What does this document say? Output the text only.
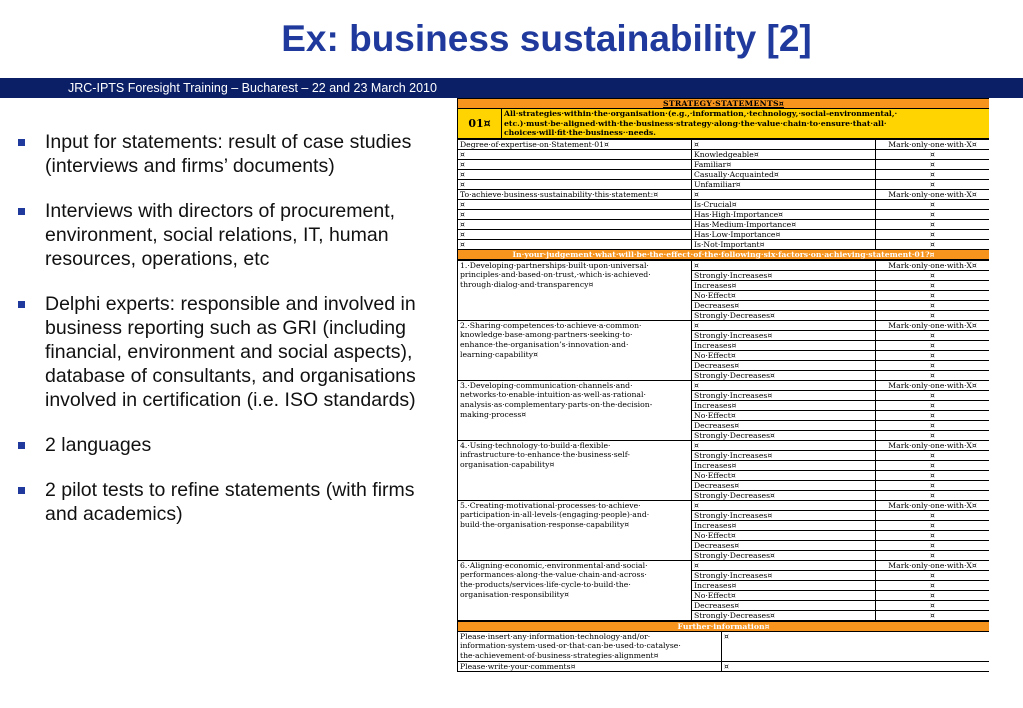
Ex: business sustainability [2]
JRC-IPTS Foresight Training – Bucharest – 22 and 23 March 2010
Input for statements: result of case studies (interviews and firms’ documents)
Interviews with directors of procurement, environment, social relations, IT, human resources, operations, etc
Delphi experts: responsible and involved in business reporting such as GRI (including financial, environment and social aspects), database of consultants, and organisations involved in certification (i.e. ISO standards)
2 languages
2 pilot tests to refine statements (with firms and academics)
STRATEGY·STATEMENTS¤
01¤	All·strategies·within·the·organisation·(e.g.,·information,·technology,·social-environmental,· etc.)·must·be·aligned·with·the·business·strategy·along·the·value·chain·to·ensure·that·all· choices·will·fit·the·business··needs.
Degree·of·expertise·on·Statement·01¤	¤	Mark·only·one·with·X¤
¤	Knowledgeable¤	¤
¤	Familiar¤	¤
¤	Casually·Acquainted¤	¤
¤	Unfamiliar¤	¤
To·achieve·business·sustainability·this·statement:¤	¤	Mark·only·one·with·X¤
¤	Is·Crucial¤	¤
¤	Has·High·Importance¤	¤
¤	Has·Medium·Importance¤	¤
¤	Has·Low·Importance¤	¤
¤	Is·Not·Important¤	¤
In·your·judgement·what·will·be·the·effect·of·the·following·six·factors·on·achieving·statement·01?¤		
1.·Developing·partnerships·built·upon·universal· principles·and·based·on·trust,·which·is·achieved· through·dialog·and·transparency¤	¤	Mark·only·one·with·X¤
	Strongly·Increases¤	¤
	Increases¤	¤
	No·Effect¤	¤
	Decreases¤	¤
	Strongly·Decreases¤	¤
2.·Sharing·competences·to·achieve·a·common· knowledge·base·among·partners·seeking·to· enhance·the·organisation’s·innovation·and· learning·capability¤	¤	Mark·only·one·with·X¤
	Strongly·Increases¤	¤
	Increases¤	¤
	No·Effect¤	¤
	Decreases¤	¤
	Strongly·Decreases¤	¤
3.·Developing·communication·channels·and· networks·to·enable·intuition·as·well·as·rational· analysis·as·complementary·parts·on·the·decision-making·process¤	¤	Mark·only·one·with·X¤
	Strongly·Increases¤	¤
	Increases¤	¤
	No·Effect¤	¤
	Decreases¤	¤
	Strongly·Decreases¤	¤
4.·Using·technology·to·build·a·flexible· infrastructure·to·enhance·the·business·self-organisation·capability¤	¤	Mark·only·one·with·X¤
	Strongly·Increases¤	¤
	Increases¤	¤
	No·Effect¤	¤
	Decreases¤	¤
	Strongly·Decreases¤	¤
5.·Creating·motivational·processes·to·achieve· participation·in·all·levels·(engaging·people)·and· build·the·organisation·response·capability¤	¤	Mark·only·one·with·X¤
	Strongly·Increases¤	¤
	Increases¤	¤
	No·Effect¤	¤
	Decreases¤	¤
	Strongly·Decreases¤	¤
6.·Aligning·economic,·environmental·and·social· performances·along·the·value·chain·and·across· the·products/services·life·cycle·to·build·the· organisation·responsibility¤	¤	Mark·only·one·with·X¤
	Strongly·Increases¤	¤
	Increases¤	¤
	No·Effect¤	¤
	Decreases¤	¤
	Strongly·Decreases¤	¤
Further·information¤	
Please·insert·any·information·technology·and/or· information·system·used·or·that·can·be·used·to·catalyse· the·achievement·of·business·strategies·alignment¤	¤
Please·write·your·comments¤	¤
